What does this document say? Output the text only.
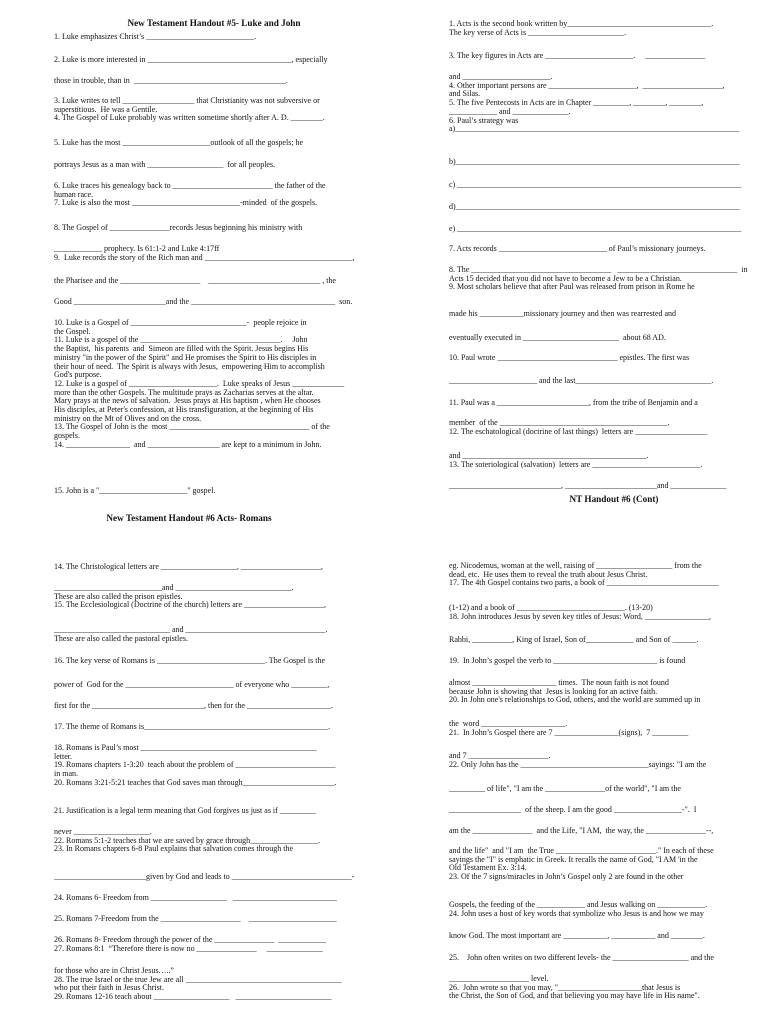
New Testament Handout #5- Luke and John

1. Luke emphasizes Christ’s ___________________________.

2. Luke is more interested in ____________________________________, especially

those in trouble, than in  ______________________________________.

3. Luke writes to tell __________________ that Christianity was not subversive or
superstitious.  He was a Gentile.
4. The Gospel of Luke probably was written sometime shortly after A. D. ________.

5. Luke has the most ______________________outlook of all the gospels; he

portrays Jesus as a man with ___________________  for all peoples.

6. Luke traces his genealogy back to _________________________ the father of the
human race.
7. Luke is also the most ___________________________-minded  of the gospels.

8. The Gospel of _______________records Jesus beginning his ministry with

____________ prophecy. Is 61:1-2 and Luke 4:17ff
9.  Luke records the story of the Rich man and _____________________________________,

the Pharisee and the ____________________    ____________________________ , the

Good _______________________and the ____________________________________  son.

10. Luke is a Gospel of _____________________________-  people rejoice in
the Gospel.
11. Luke is a gospel of the ___________________________________.     John
the Baptist,  his parents  and  Simeon are filled with the Spirit. Jesus begins His
ministry "in the power of the Spirit" and He promises the Spirit to His disciples in
their hour of need.  The Spirit is always with Jesus,  empowering Him to accomplish
God's purpose.
12. Luke is a gospel of ______________________.  Luke speaks of Jesus _____________
more than the other Gospels. The multitude prays as Zacharias serves at the altar.
Mary prays at the news of salvation.  Jesus prays at His baptism , when He chooses
His disciples, at Peter's confession, at His transfiguration, at the beginning of His
ministry on the Mt of Olives and on the cross.
13. The Gospel of John is the  most ___________________________________ of the
gospels.
14. ________________  and __________________ are kept to a minimum in John.

15. John is a "______________________" gospel.

New Testament Handout #6 Acts- Romans

14. The Christological letters are ___________________, ____________________,

___________________________and _____________________________.
These are also called the prison epistles.
15. The Ecclesiological (Doctrine of the church) letters are ____________________,

_____________________________ and ___________________________________.
These are also called the pastoral epistles.

16. The key verse of Romans is ___________________________. The Gospel is the

power of  God for the ___________________________ of everyone who _________,

first for the ____________________________, then for the _____________________.

17. The theme of Romans is______________________________________________.

18. Romans is Paul’s most ____________________________________________
letter.
19. Romans chapters 1-3:20  teach about the problem of _________________________
in man.
20. Romans 3:21-5:21 teaches that God saves man through_______________________.

21. Justification is a legal term meaning that God forgives us just as if _________

never ___________________.
22. Romans 5:1-2 teaches that we are saved by grace through_________________.
23. In Romans chapters 6-8 Paul explains that salvation comes through the

_______________________given by God and leads to ______________________________-

24. Romans 6- Freedom from ___________________   __________________________

25. Romans 7-Freedom from the ____________________    ______________________

26. Romans 8- Freedom through the power of the _______________  ____________
27. Romans 8:1  “Therefore there is now no _______________     ______________

for those who are in Christ Jesus…..”
28. The true Israel or the true Jew are all _______________________________________
who put their faith in Jesus Christ.
29. Romans 12-16 teach about ___________________   ________________________

1. Acts is the second book written by____________________________________.
The key verse of Acts is ________________________.

3. The key figures in Acts are ______________________.     _______________

and ______________________.
4. Other important persons are ______________________,  ____________________,
and Silas.
5. The five Pentecosts in Acts are in Chapter _________, ________, ________,
____________ and ______________.
6. Paul’s strategy was
a)_______________________________________________________________________

b)_______________________________________________________________________

c) _______________________________________________________________________

d)_______________________________________________________________________

e) _______________________________________________________________________

7. Acts records ___________________________ of Paul’s missionary journeys.

8. The ___________________________________   ______________________________  in
Acts 15 decided that you did not have to become a Jew to be a Christian.
9. Most scholars believe that after Paul was released from prison in Rome he

made his ___________missionary journey and then was rearrested and

eventually executed in ________________________  about 68 AD.

10. Paul wrote ______________________________ epistles. The first was

______________________ and the last__________________________________.

11. Paul was a _______________________, from the tribe of Benjamin and a

member  of the __________________________________________.
12. The eschatological (doctrine of last things)  letters are __________________

and ______________________________________________.
13. The soteriological (salvation)  letters are ___________________________.

____________________________, _______________________and ______________

NT Handout #6 (Cont)

eg. Nicodemus, woman at the well, raising of ___________________ from the
dead, etc.  He uses them to reveal the truth about Jesus Christ.
17. The 4th Gospel contains two parts, a book of ____________________________

(1-12) and a book of ___________________________. (13-20)
18. John introduces Jesus by seven key titles of Jesus: Word, ________________,

Rabbi, __________, King of Israel, Son of____________ and Son of ______.

19.  In John’s gospel the verb to __________________________ is found

almost _____________________ times.  The noun faith is not found
because John is showing that  Jesus is looking for an active faith.
20. In John one's relationships to God, others, and the world are summed up in

the  word _____________________.
21.  In John’s Gospel there are 7 ________________(signs),  7 _________

and 7 ____________________.
22. Only John has the ________________________________sayings: "I am the

_________ of life", "I am the _______________of the world", "I am the

__________________  of the sheep. I am the good _________________-".  I

am the _______________  and the Life, "I AM,  the way, the _______________--,

and the life"  and "I am  the True _________________________." In each of these
sayings the "I" is emphatic in Greek. It recalls the name of God, "I AM 'in the
Old Testament Ex. 3:14.
23. Of the 7 signs/miracles in John’s Gospel only 2 are found in the other

Gospels, the feeding of the ____________ and Jesus walking on ____________.
24. John uses a host of key words that symbolize who Jesus is and how we may

know God. The most important are ___________, ___________ and ________.

25.    John often writes on two different levels- the ___________________ and the

____________________ level.
26.  John wrote so that you may, "_____________________that Jesus is
the Christ, the Son of God, and that believing you may have life in His name".
